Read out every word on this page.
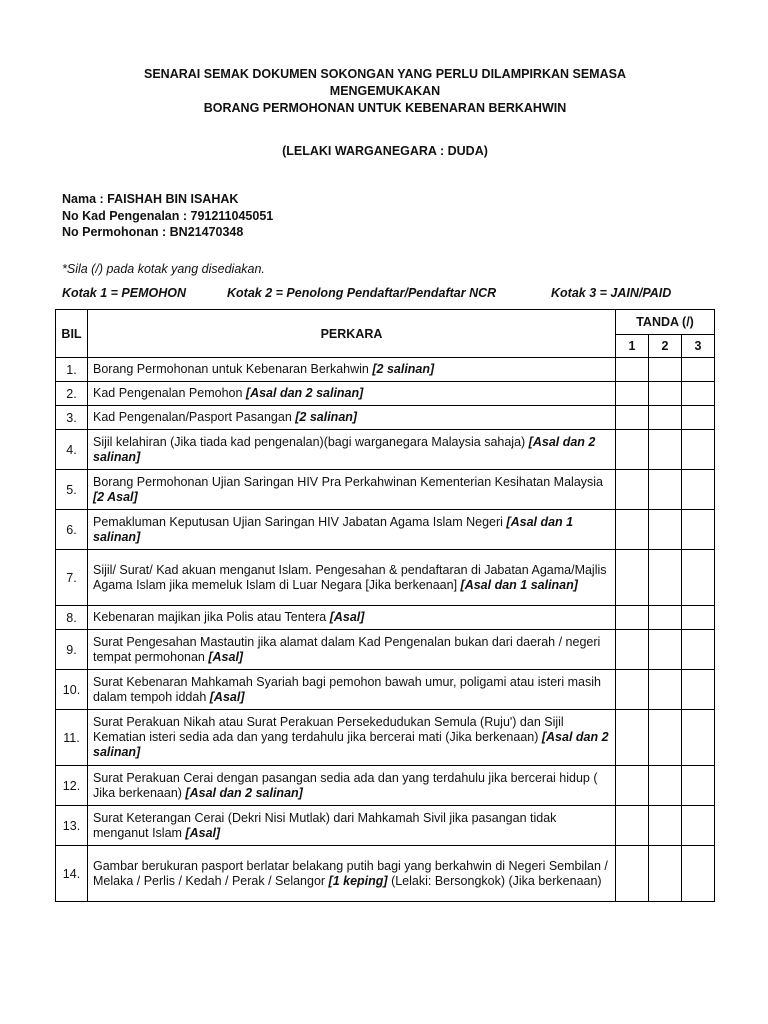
SENARAI SEMAK DOKUMEN SOKONGAN YANG PERLU DILAMPIRKAN SEMASA
MENGEMUKAKAN
BORANG PERMOHONAN UNTUK KEBENARAN BERKAHWIN
(LELAKI WARGANEGARA : DUDA)
Nama : FAISHAH BIN ISAHAK
No Kad Pengenalan : 791211045051
No Permohonan : BN21470348
*Sila (/) pada kotak yang disediakan.
Kotak 1 = PEMOHON	Kotak 2 = Penolong Pendaftar/Pendaftar NCR	Kotak 3 = JAIN/PAID
BIL	PERKARA	TANDA (/)		
		1	2	3
1.	Borang Permohonan untuk Kebenaran Berkahwin [2 salinan]			
2.	Kad Pengenalan Pemohon [Asal dan 2 salinan]			
3.	Kad Pengenalan/Pasport Pasangan [2 salinan]			
4.	Sijil kelahiran (Jika tiada kad pengenalan)(bagi warganegara Malaysia sahaja) [Asal dan 2 salinan]			
5.	Borang Permohonan Ujian Saringan HIV Pra Perkahwinan Kementerian Kesihatan Malaysia [2 Asal]			
6.	Pemakluman Keputusan Ujian Saringan HIV Jabatan Agama Islam Negeri [Asal dan 1 salinan]			
7.	Sijil/ Surat/ Kad akuan menganut Islam. Pengesahan & pendaftaran di Jabatan Agama/Majlis Agama Islam jika memeluk Islam di Luar Negara [Jika berkenaan] [Asal dan 1 salinan]			
8.	Kebenaran majikan jika Polis atau Tentera [Asal]			
9.	Surat Pengesahan Mastautin jika alamat dalam Kad Pengenalan bukan dari daerah / negeri tempat permohonan [Asal]			
10.	Surat Kebenaran Mahkamah Syariah bagi pemohon bawah umur, poligami atau isteri masih dalam tempoh iddah [Asal]			
11.	Surat Perakuan Nikah atau Surat Perakuan Persekedudukan Semula (Ruju') dan Sijil Kematian isteri sedia ada dan yang terdahulu jika bercerai mati (Jika berkenaan) [Asal dan 2 salinan]			
12.	Surat Perakuan Cerai dengan pasangan sedia ada dan yang terdahulu jika bercerai hidup ( Jika berkenaan) [Asal dan 2 salinan]			
13.	Surat Keterangan Cerai (Dekri Nisi Mutlak) dari Mahkamah Sivil jika pasangan tidak menganut Islam [Asal]			
14.	Gambar berukuran pasport berlatar belakang putih bagi yang berkahwin di Negeri Sembilan / Melaka / Perlis / Kedah / Perak / Selangor [1 keping] (Lelaki: Bersongkok) (Jika berkenaan)			
